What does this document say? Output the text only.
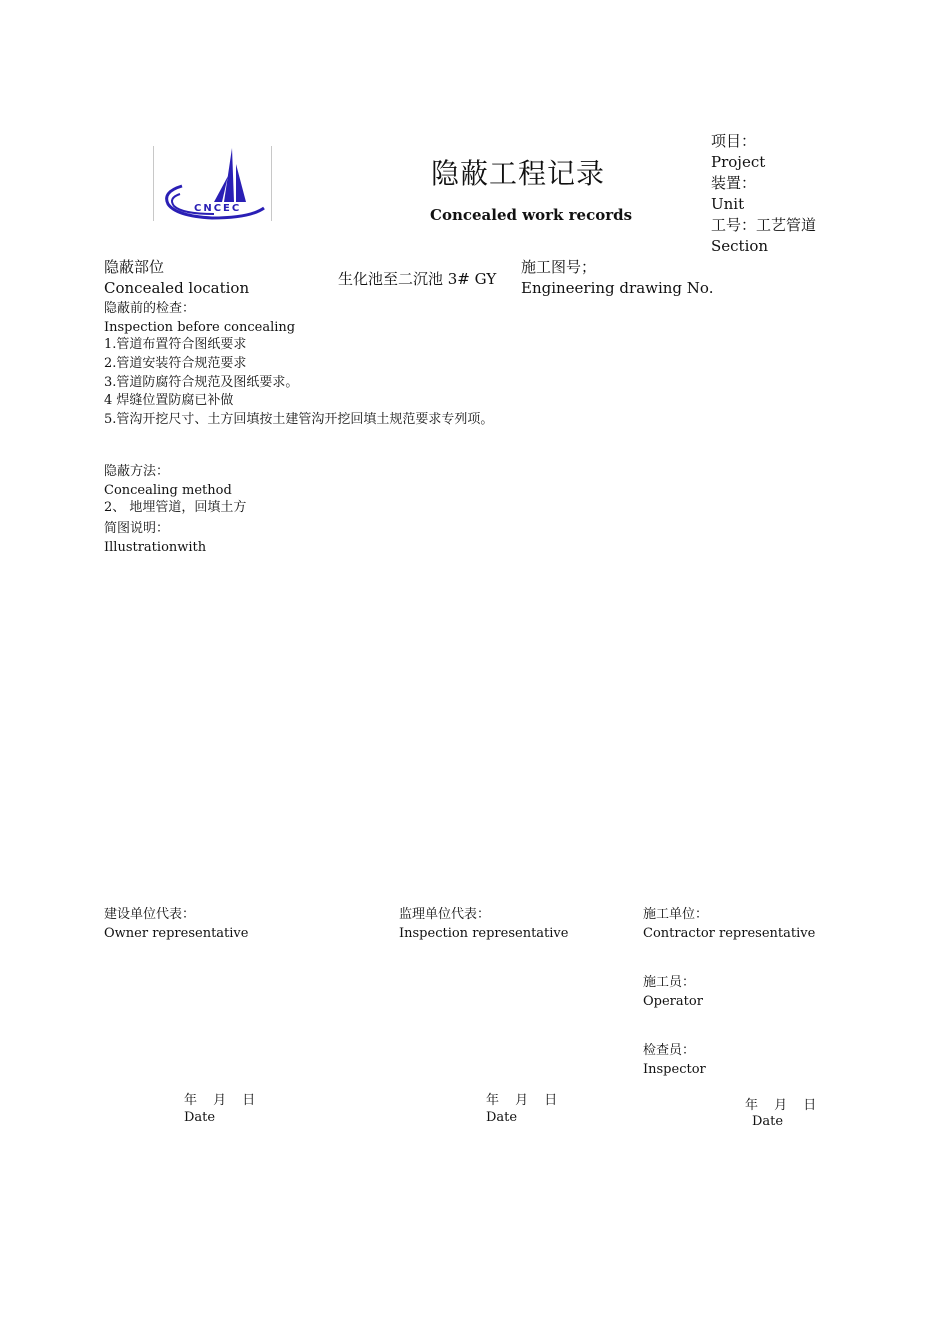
CNCEC
隐蔽工程记录
Concealed work records
项目：
Project
装置：
Unit
工号：工艺管道
Section
隐蔽部位
Concealed location	生化池至二沉池 3# GY
施工图号；
Engineering drawing No.
隐蔽前的检查：
Inspection before concealing
1.管道布置符合图纸要求
2.管道安装符合规范要求
3.管道防腐符合规范及图纸要求。
4 焊缝位置防腐已补做
5.管沟开挖尺寸、土方回填按土建管沟开挖回填土规范要求专列项。
隐蔽方法：
Concealing method
2、 地埋管道，回填土方
简图说明：
Illustrationwith
建设单位代表：
Owner representative
监理单位代表：
Inspection representative
施工单位：
Contractor representative
施工员：
Operator
检查员：
Inspector
年 月 日
Date
年 月 日
Date
年 月 日
Date
